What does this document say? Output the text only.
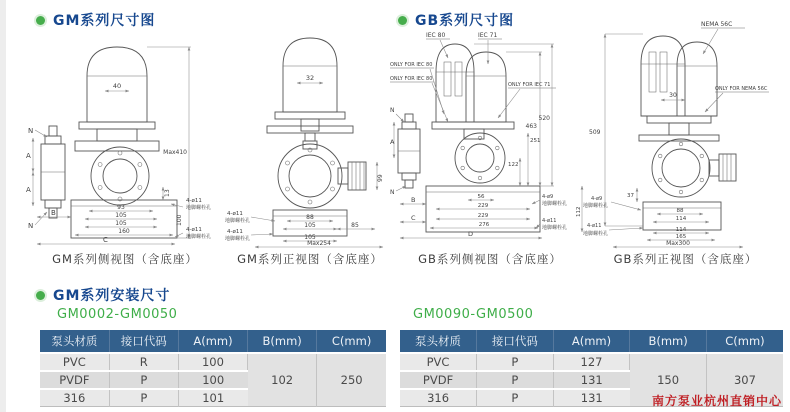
GM系列尺寸图	GB系列尺寸图
40
Max410
N
A
A
N
13
93
105
105
160
B
C
100
4-ø11
地脚螺栓孔
4-ø11
地脚螺栓孔
GM系列侧视图（含底座）
32
99
88
105	85
105
Max254
4-ø11
地脚螺栓孔
4-ø11
地脚螺栓孔
GM系列正视图（含底座）
IEC 80	IEC 71
ONLY FOR IEC 80
ONLY FOR IEC 80
ONLY FOR IEC 71
463
520
251
122
N
A
N
B
C
D
56
229
229
276
112
4-ø9
地脚螺栓孔
4-ø11
地脚螺栓孔
GB系列侧视图（含底座）
NEMA 56C
ONLY FOR NEMA 56C
30
509
37
4-ø9
地脚螺栓孔
88
114
114
4-ø11
地脚螺栓孔	165
Max300
GB系列正视图（含底座）
GM系列安装尺寸
GM0002-GM0050	GM0090-GM0500
泵头材质	接口代码	A(mm)	B(mm)	C(mm)
PVC	R	100	102	250
PVDF	P	100		
316	P	101		
泵头材质	接口代码	A(mm)	B(mm)	C(mm)
PVC	P	127	150	307
PVDF	P	131		
316	P	131			南方泵业杭州直销中心
